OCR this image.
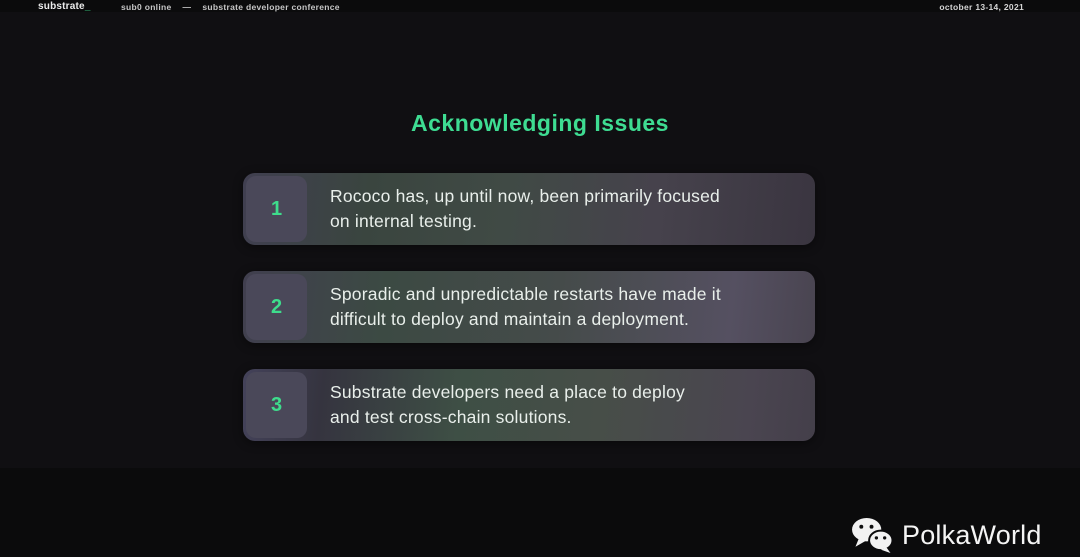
substrate_	sub0 online — substrate developer conference	october 13-14, 2021
Acknowledging Issues
1
Rococo has, up until now, been primarily focused
on internal testing.
2
Sporadic and unpredictable restarts have made it
difficult to deploy and maintain a deployment.
3
Substrate developers need a place to deploy
and test cross-chain solutions.
PolkaWorld
